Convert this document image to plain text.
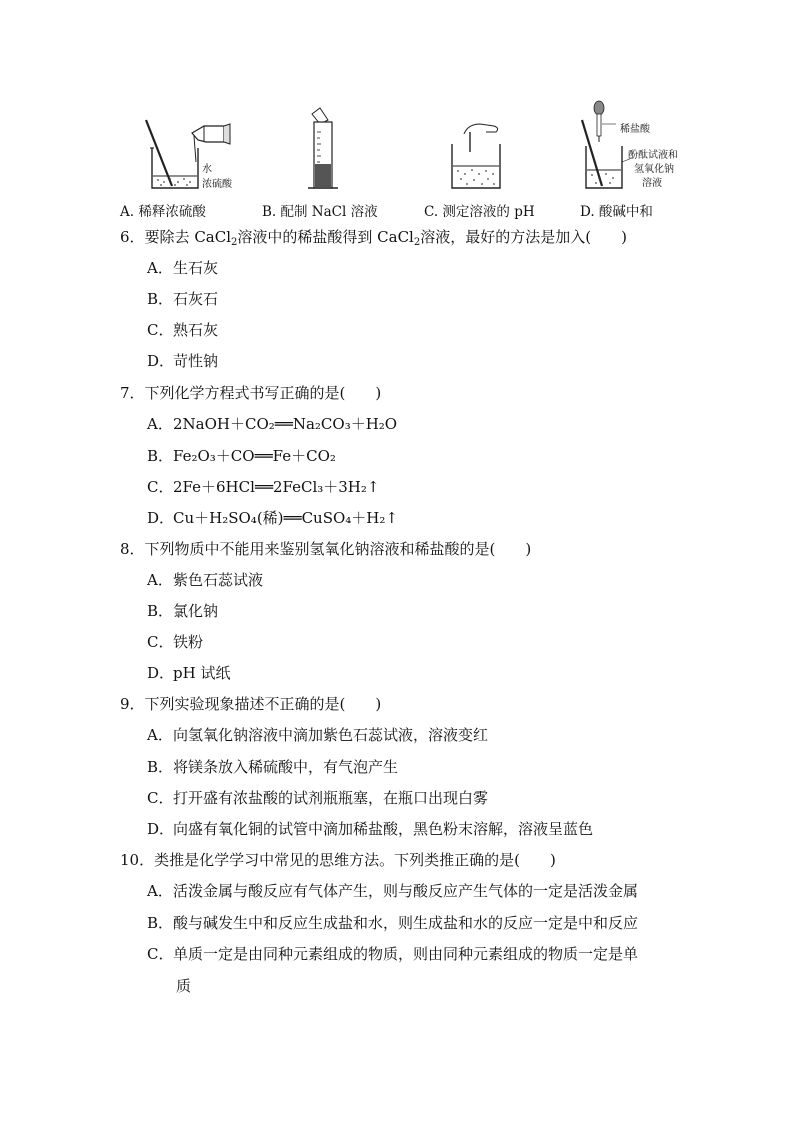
水
浓硫酸
A. 稀释浓硫酸	B. 配制 NaCl 溶液	C. 测定溶液的 pH
稀盐酸
酚酞试液和
氢氧化钠
溶液
D. 酸碱中和
6．要除去 CaCl$_2$溶液中的稀盐酸得到 CaCl$_2$溶液，最好的方法是加入(　　)
A．生石灰
B．石灰石
C．熟石灰
D．苛性钠
7．下列化学方程式书写正确的是(　　)
A．2NaOH＋CO₂══Na₂CO₃＋H₂O
B．Fe₂O₃＋CO══Fe＋CO₂
C．2Fe＋6HCl══2FeCl₃＋3H₂↑
D．Cu＋H₂SO₄(稀)══CuSO₄＋H₂↑
8．下列物质中不能用来鉴别氢氧化钠溶液和稀盐酸的是(　　)
A．紫色石蕊试液
B．氯化钠
C．铁粉
D．pH 试纸
9．下列实验现象描述不正确的是(　　)
A．向氢氧化钠溶液中滴加紫色石蕊试液，溶液变红
B．将镁条放入稀硫酸中，有气泡产生
C．打开盛有浓盐酸的试剂瓶瓶塞，在瓶口出现白雾
D．向盛有氧化铜的试管中滴加稀盐酸，黑色粉末溶解，溶液呈蓝色
10．类推是化学学习中常见的思维方法。下列类推正确的是(　　)
A．活泼金属与酸反应有气体产生，则与酸反应产生气体的一定是活泼金属
B．酸与碱发生中和反应生成盐和水，则生成盐和水的反应一定是中和反应
C．单质一定是由同种元素组成的物质，则由同种元素组成的物质一定是单
质
